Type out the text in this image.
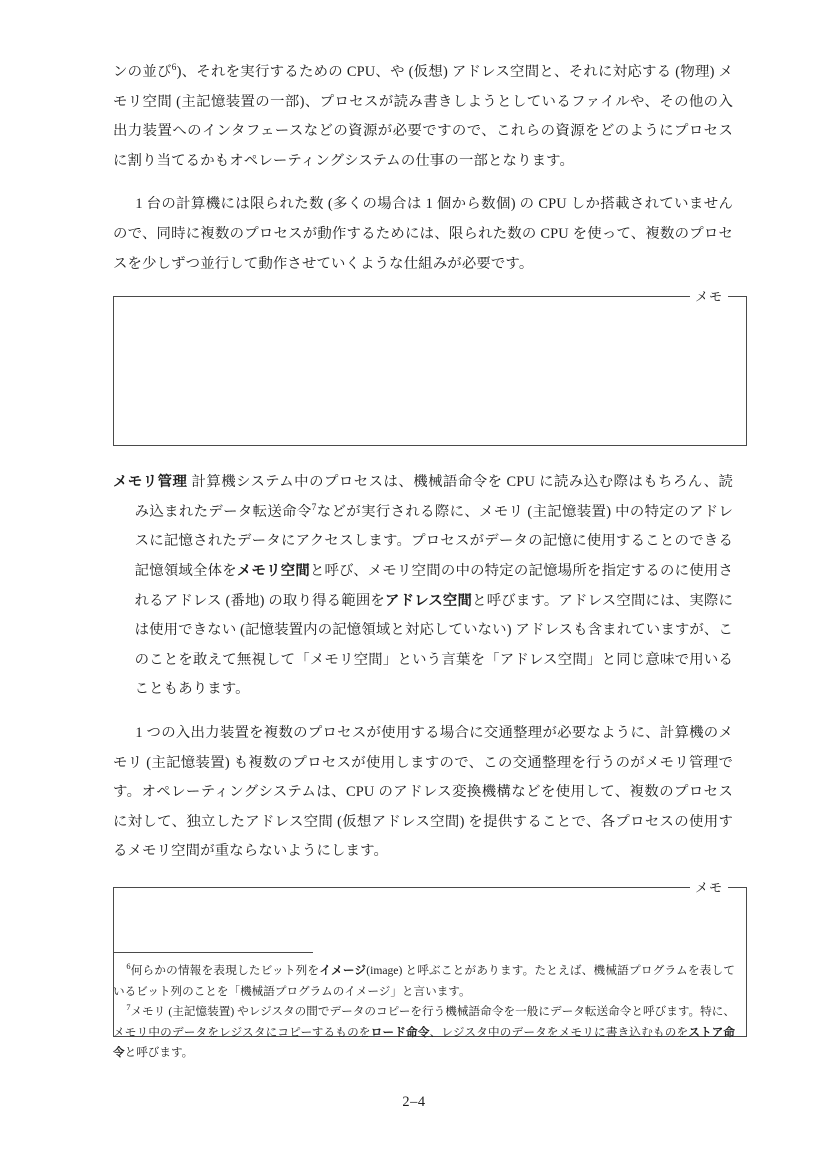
ンの並び$^6$)、それを実行するための CPU、や (仮想) アドレス空間と、それに対応する (物理) メモリ空間 (主記憶装置の一部)、プロセスが読み書きしようとしているファイルや、その他の入出力装置へのインタフェースなどの資源が必要ですので、これらの資源をどのようにプロセスに割り当てるかもオペレーティングシステムの仕事の一部となります。

1 台の計算機には限られた数 (多くの場合は 1 個から数個) の CPU しか搭載されていませんので、同時に複数のプロセスが動作するためには、限られた数の CPU を使って、複数のプロセスを少しずつ並行して動作させていくような仕組みが必要です。

メモ

メモリ管理 計算機システム中のプロセスは、機械語命令を CPU に読み込む際はもちろん、読み込まれたデータ転送命令$^7$などが実行される際に、メモリ (主記憶装置) 中の特定のアドレスに記憶されたデータにアクセスします。プロセスがデータの記憶に使用することのできる記憶領域全体をメモリ空間と呼び、メモリ空間の中の特定の記憶場所を指定するのに使用されるアドレス (番地) の取り得る範囲をアドレス空間と呼びます。アドレス空間には、実際には使用できない (記憶装置内の記憶領域と対応していない) アドレスも含まれていますが、このことを敢えて無視して「メモリ空間」という言葉を「アドレス空間」と同じ意味で用いることもあります。

1 つの入出力装置を複数のプロセスが使用する場合に交通整理が必要なように、計算機のメモリ (主記憶装置) も複数のプロセスが使用しますので、この交通整理を行うのがメモリ管理です。オペレーティングシステムは、CPU のアドレス変換機構などを使用して、複数のプロセスに対して、独立したアドレス空間 (仮想アドレス空間) を提供することで、各プロセスの使用するメモリ空間が重ならないようにします。

メモ

$^6$何らかの情報を表現したビット列をイメージ(image) と呼ぶことがあります。たとえば、機械語プログラムを表しているビット列のことを「機械語プログラムのイメージ」と言います。

$^7$メモリ (主記憶装置) やレジスタの間でデータのコピーを行う機械語命令を一般にデータ転送命令と呼びます。特に、メモリ中のデータをレジスタにコピーするものをロード命令、レジスタ中のデータをメモリに書き込むものをストア命令と呼びます。

2–4
